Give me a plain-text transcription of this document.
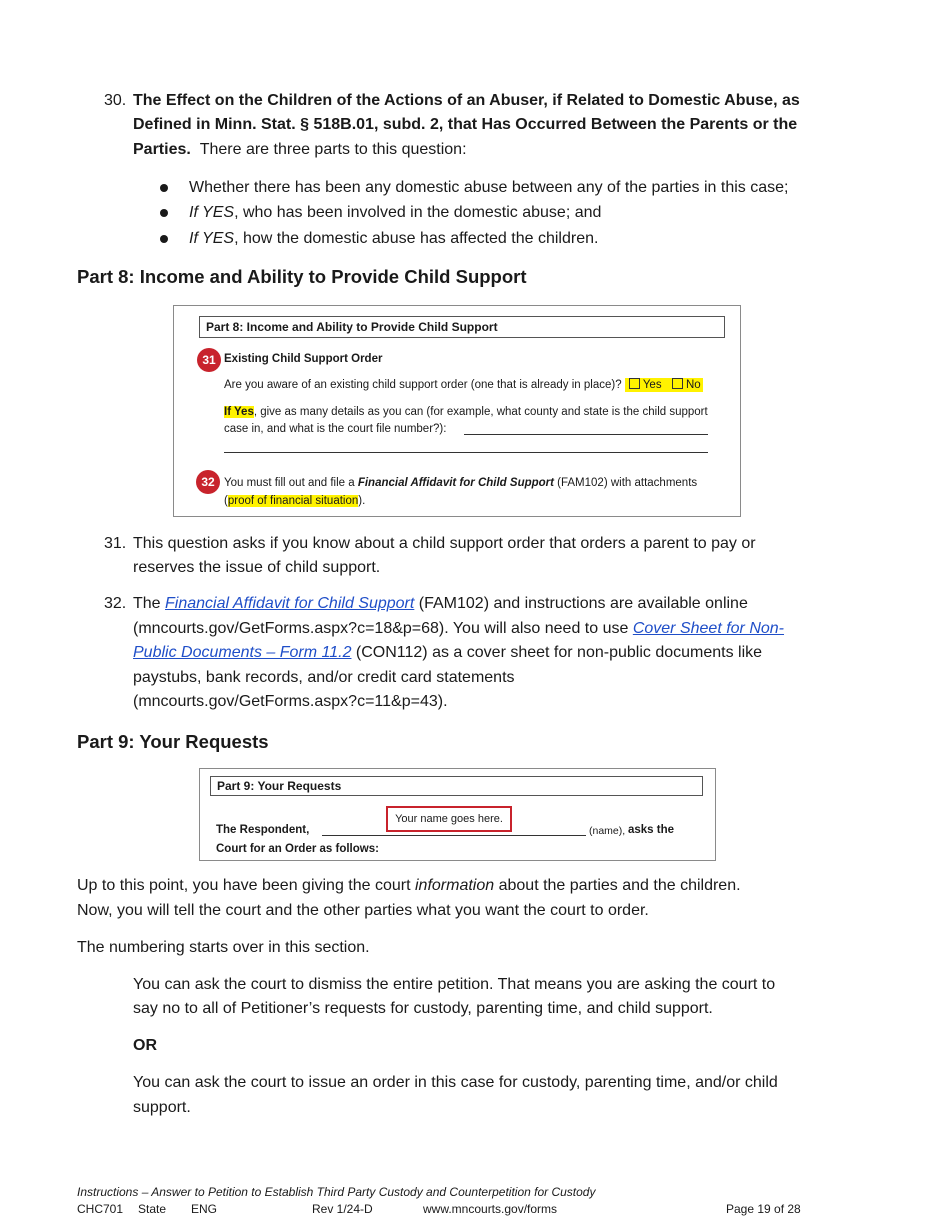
30. The Effect on the Children of the Actions of an Abuser, if Related to Domestic Abuse, as
Defined in Minn. Stat. § 518B.01, subd. 2, that Has Occurred Between the Parents or the
Parties. There are three parts to this question:
Whether there has been any domestic abuse between any of the parties in this case;
If YES, who has been involved in the domestic abuse; and
If YES, how the domestic abuse has affected the children.
Part 8: Income and Ability to Provide Child Support
Part 8: Income and Ability to Provide Child Support
31 Existing Child Support Order
Are you aware of an existing child support order (one that is already in place)? Yes No
If Yes, give as many details as you can (for example, what county and state is the child support
case in, and what is the court file number?):
32 You must fill out and file a Financial Affidavit for Child Support (FAM102) with attachments
(proof of financial situation).
31. This question asks if you know about a child support order that orders a parent to pay or
reserves the issue of child support.
32. The Financial Affidavit for Child Support (FAM102) and instructions are available online
(mncourts.gov/GetForms.aspx?c=18&p=68). You will also need to use Cover Sheet for Non-
Public Documents – Form 11.2 (CON112) as a cover sheet for non-public documents like
paystubs, bank records, and/or credit card statements
(mncourts.gov/GetForms.aspx?c=11&p=43).
Part 9: Your Requests
Part 9: Your Requests
Your name goes here.
The Respondent,	(name), asks the
Court for an Order as follows:
Up to this point, you have been giving the court information about the parties and the children.
Now, you will tell the court and the other parties what you want the court to order.
The numbering starts over in this section.
You can ask the court to dismiss the entire petition. That means you are asking the court to
say no to all of Petitioner’s requests for custody, parenting time, and child support.
OR
You can ask the court to issue an order in this case for custody, parenting time, and/or child
support.
Instructions – Answer to Petition to Establish Third Party Custody and Counterpetition for Custody
CHC701 State ENG	Rev 1/24-D	www.mncourts.gov/forms	Page 19 of 28
